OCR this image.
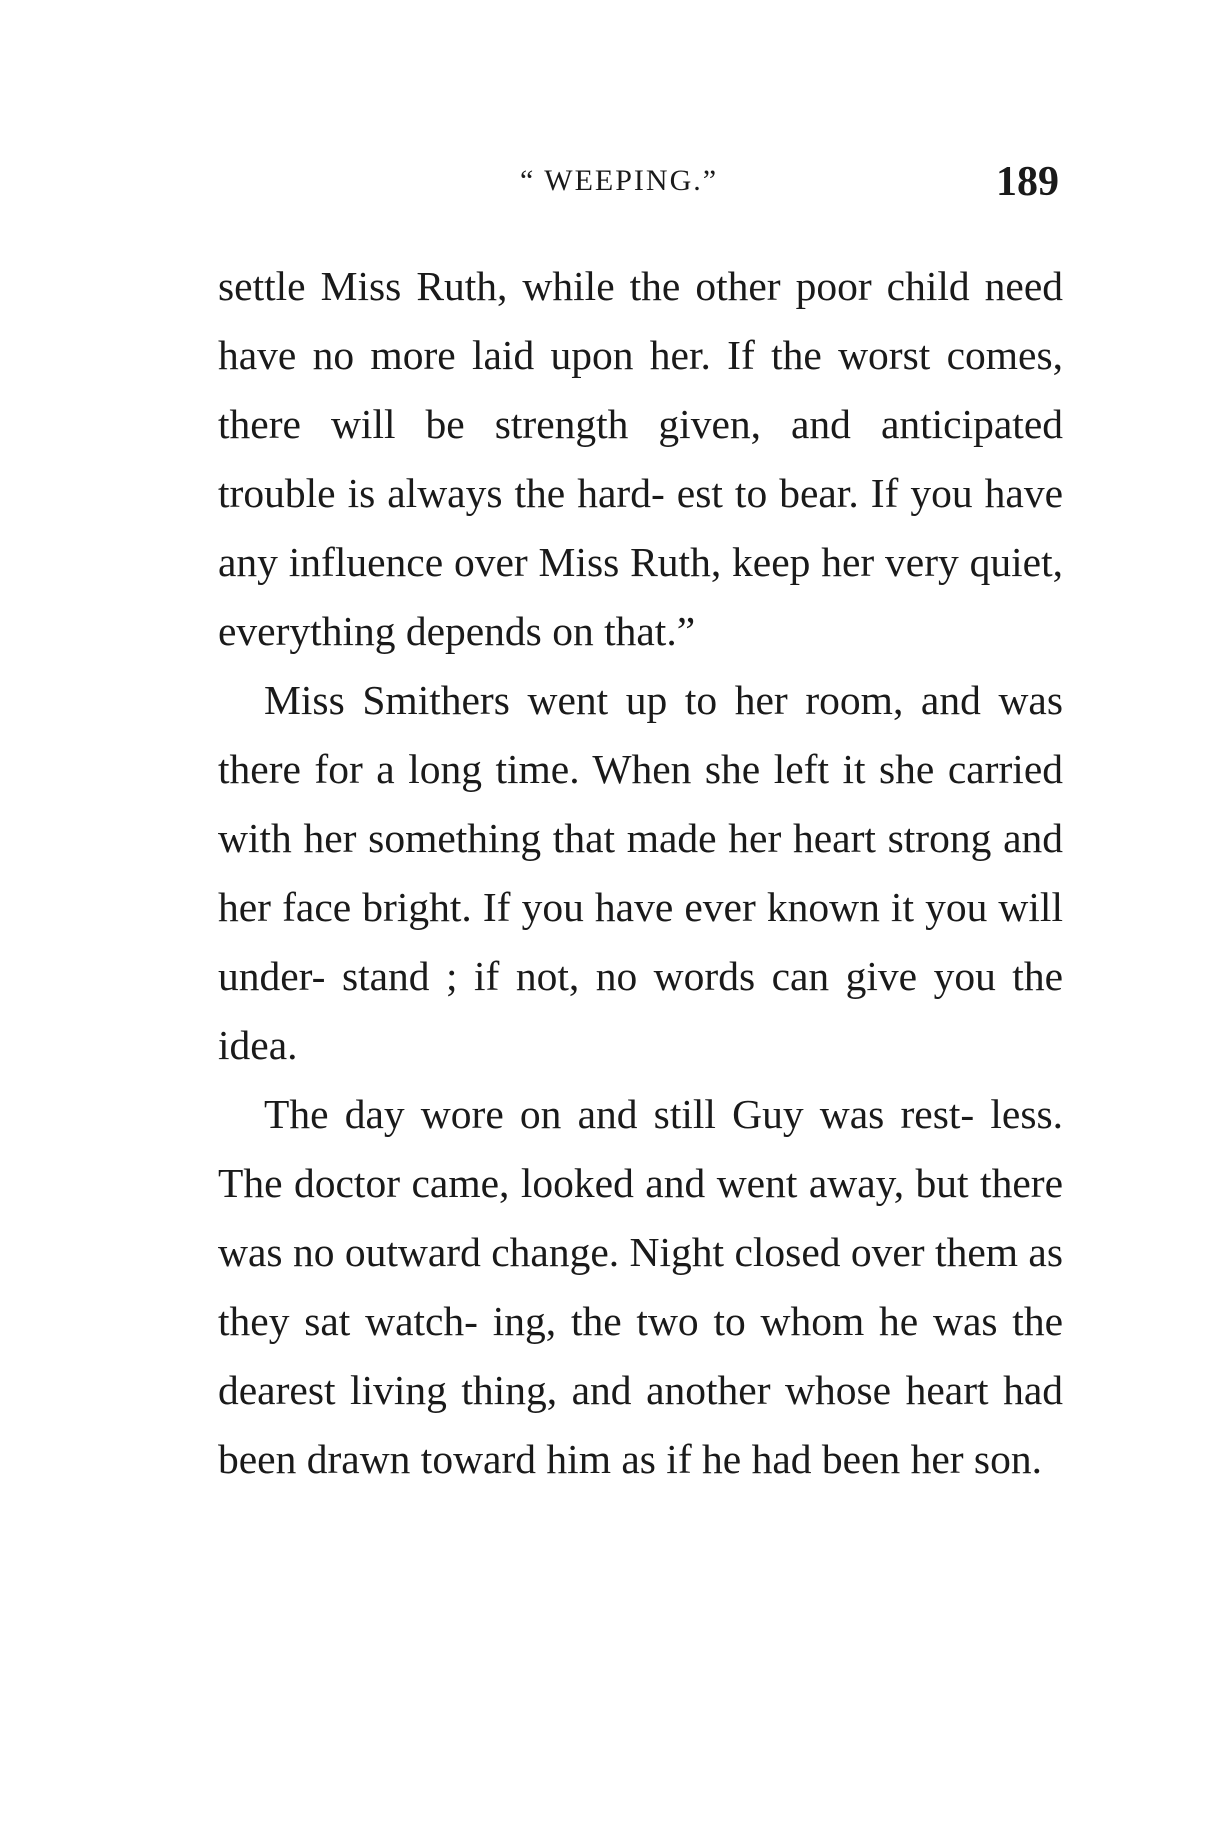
“ WEEPING.”	189

settle Miss Ruth, while the other poor child need have no more laid upon her. If the worst comes, there will be strength given, and anticipated trouble is always the hard- est to bear. If you have any influence over Miss Ruth, keep her very quiet, everything depends on that.”

Miss Smithers went up to her room, and was there for a long time. When she left it she carried with her something that made her heart strong and her face bright. If you have ever known it you will under- stand ; if not, no words can give you the idea.

The day wore on and still Guy was rest- less. The doctor came, looked and went away, but there was no outward change. Night closed over them as they sat watch- ing, the two to whom he was the dearest living thing, and another whose heart had been drawn toward him as if he had been her son.
